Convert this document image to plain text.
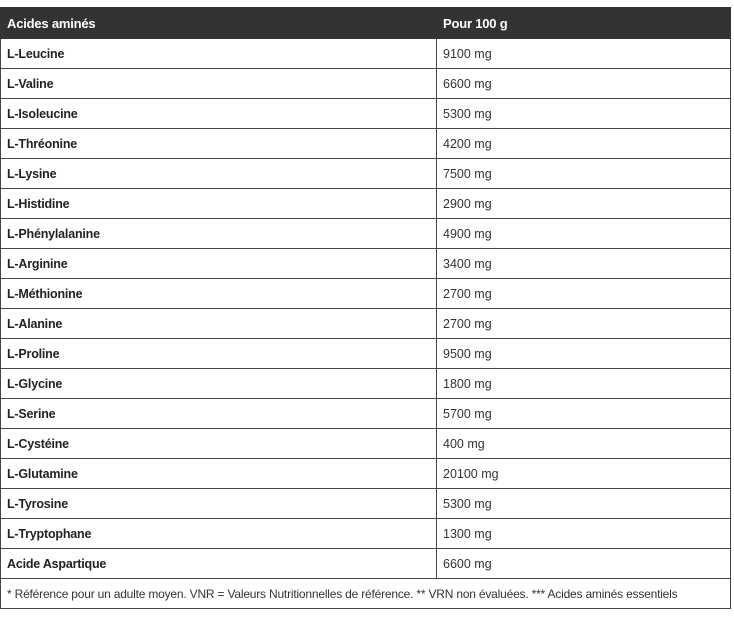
Acides aminés	Pour 100 g
L-Leucine	9100 mg
L-Valine	6600 mg
L-Isoleucine	5300 mg
L-Thréonine	4200 mg
L-Lysine	7500 mg
L-Histidine	2900 mg
L-Phénylalanine	4900 mg
L-Arginine	3400 mg
L-Méthionine	2700 mg
L-Alanine	2700 mg
L-Proline	9500 mg
L-Glycine	1800 mg
L-Serine	5700 mg
L-Cystéine	400 mg
L-Glutamine	20100 mg
L-Tyrosine	5300 mg
L-Tryptophane	1300 mg
Acide Aspartique	6600 mg
* Référence pour un adulte moyen. VNR = Valeurs Nutritionnelles de référence. ** VRN non évaluées. *** Acides aminés essentiels	
